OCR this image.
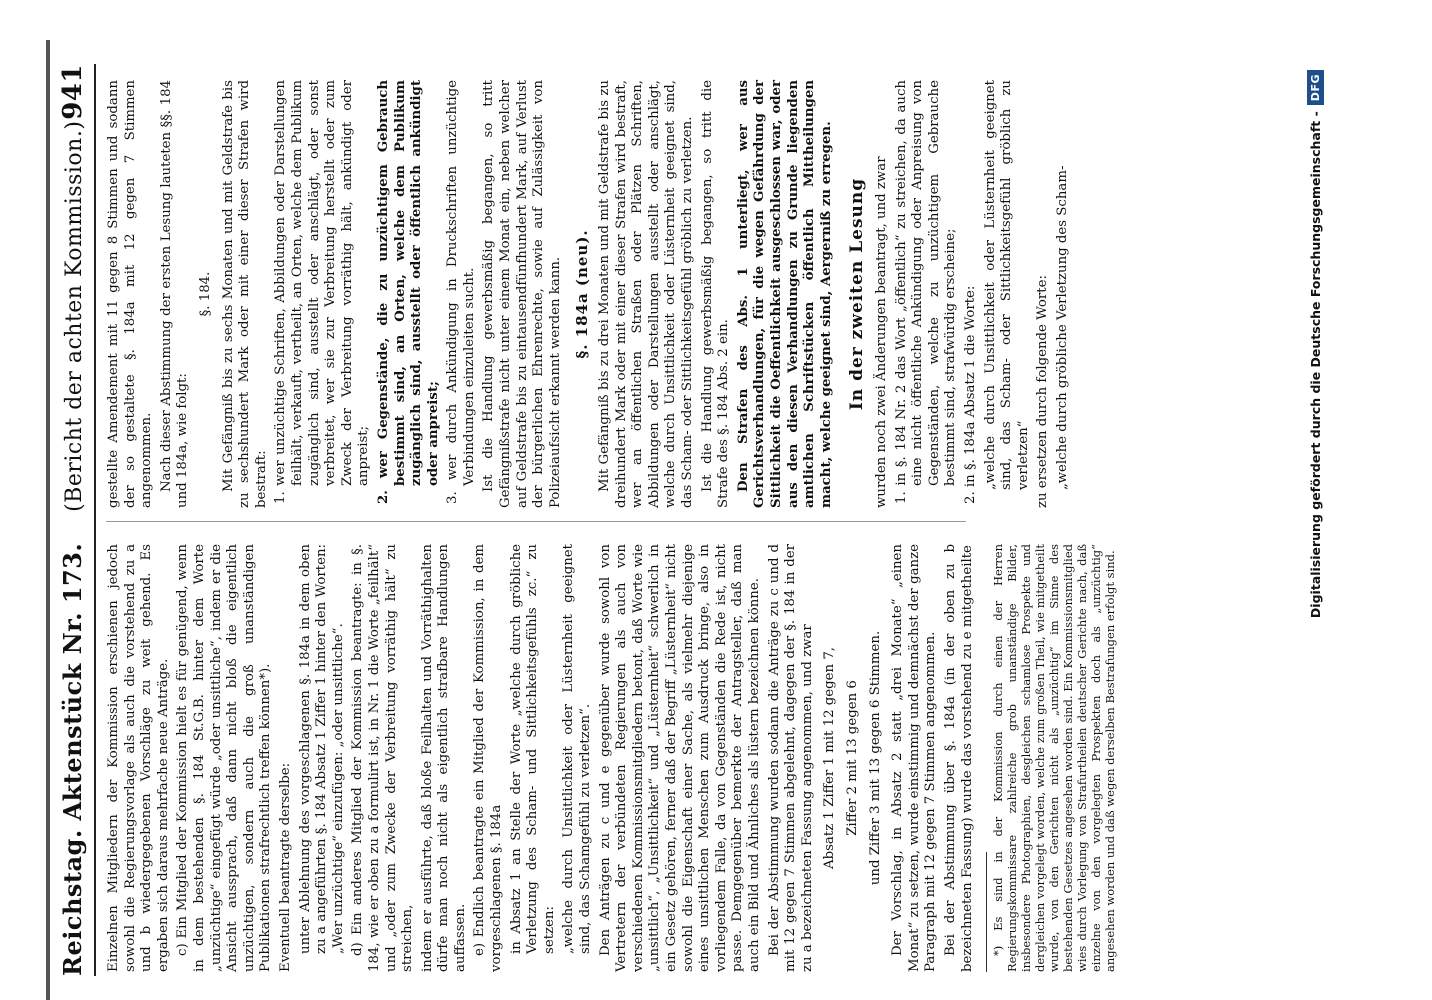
Reichstag. Aktenstück Nr. 173.
(Bericht der achten Kommission.)
941

Einzelnen Mitgliedern der Kommission erschienen jedoch sowohl die Regierungsvorlage als auch die vorstehend zu a und b wiedergegebenen Vorschläge zu weit gehend. Es ergaben sich daraus mehrfache neue Anträge. c) Ein Mitglied der Kommission hielt es für genügend, wenn in dem bestehenden §. 184 St.G.B. hinter dem Worte „unzüchtige“ eingefügt würde „oder unsittliche“, indem er die Ansicht aussprach, daß dann nicht bloß die eigentlich unzüchtigen, sondern auch die groß unanständigen Publikationen strafrechtlich treffen können*). Eventuell beantragte derselbe: unter Ablehnung des vorgeschlagenen §. 184a in dem oben zu a angeführten §. 184 Absatz 1 Ziffer 1 hinter den Worten: „Wer unzüchtige“ einzufügen: „oder unsittliche“. d) Ein anderes Mitglied der Kommission beantragte: in §. 184, wie er oben zu a formulirt ist, in Nr. 1 die Worte „feilhält“ und „oder zum Zwecke der Verbreitung vorräthig hält“ zu streichen, indem er ausführte, daß bloße Feilhalten und Vorräthighalten dürfe man noch nicht als eigentlich strafbare Handlungen auffassen. e) Endlich beantragte ein Mitglied der Kommission, in dem vorgeschlagenen §. 184a in Absatz 1 an Stelle der Worte „welche durch gröbliche Verletzung des Scham- und Sittlichkeitsgefühls zc.“ zu setzen: „welche durch Unsittlichkeit oder Lüsternheit geeignet sind, das Schamgefühl zu verletzen“. Den Anträgen zu c und e gegenüber wurde sowohl von Vertretern der verbündeten Regierungen als auch von verschiedenen Kommissionsmitgliedern betont, daß Worte wie „unsittlich“, „Unsittlichkeit“ und „Lüsternheit“ schwerlich in ein Gesetz gehören, ferner daß der Begriff „Lüsternheit“ nicht sowohl die Eigenschaft einer Sache, als vielmehr diejenige eines unsittlichen Menschen zum Ausdruck bringe, also in vorliegendem Falle, da von Gegenständen die Rede ist, nicht passe. Demgegenüber bemerkte der Antragsteller, daß man auch ein Bild und Ähnliches als lüstern bezeichnen könne. Bei der Abstimmung wurden sodann die Anträge zu c und d mit 12 gegen 7 Stimmen abgelehnt, dagegen der §. 184 in der zu a bezeichneten Fassung angenommen, und zwar Absatz 1 Ziffer 1 mit 12 gegen 7, Ziffer 2 mit 13 gegen 6 und Ziffer 3 mit 13 gegen 6 Stimmen. Der Vorschlag, in Absatz 2 statt „drei Monate“ „einen Monat“ zu setzen, wurde einstimmig und demnächst der ganze Paragraph mit 12 gegen 7 Stimmen angenommen. Bei der Abstimmung über §. 184a (in der oben zu b bezeichneten Fassung) wurde das vorstehend zu e mitgetheilte *) Es sind in der Kommission durch einen der Herren Regierungskommissare zahlreiche grob unanständige Bilder, insbesondere Photographien, desgleichen schamlose Prospekte und dergleichen vorgelegt worden, welche zum großen Theil, wie mitgetheilt wurde, von den Gerichten nicht als „unzüchtig“ im Sinne des bestehenden Gesetzes angesehen worden sind. Ein Kommissionsmitglied wies durch Vorlegung von Strafurtheilen deutscher Gerichte nach, daß einzelne von den vorgelegten Prospekten doch als „unzüchtig“ angesehen worden und daß wegen derselben Bestrafungen erfolgt sind.

gestellte Amendement mit 11 gegen 8 Stimmen und sodann der so gestaltete §. 184a mit 12 gegen 7 Stimmen angenommen. Nach dieser Abstimmung der ersten Lesung lauteten §§. 184 und 184a, wie folgt:

§. 184. Mit Gefängniß bis zu sechs Monaten und mit Geldstrafe bis zu sechshundert Mark oder mit einer dieser Strafen wird bestraft: 1. wer unzüchtige Schriften, Abbildungen oder Darstellungen feilhält, verkauft, vertheilt, an Orten, welche dem Publikum zugänglich sind, ausstellt oder anschlägt, oder sonst verbreitet, wer sie zur Verbreitung herstellt oder zum Zweck der Verbreitung vorräthig hält, ankündigt oder anpreist; 2. wer Gegenstände, die zu unzüchtigem Gebrauch bestimmt sind, an Orten, welche dem Publikum zugänglich sind, ausstellt oder öffentlich ankündigt oder anpreist; 3. wer durch Ankündigung in Druckschriften unzüchtige Verbindungen einzuleiten sucht. Ist die Handlung gewerbsmäßig begangen, so tritt Gefängnißstrafe nicht unter einem Monat ein, neben welcher auf Geldstrafe bis zu eintausendfünfhundert Mark, auf Verlust der bürgerlichen Ehrenrechte, sowie auf Zulässigkeit von Polizeiaufsicht erkannt werden kann. §. 184a (neu). Mit Gefängniß bis zu drei Monaten und mit Geldstrafe bis zu dreihundert Mark oder mit einer dieser Strafen wird bestraft, wer an öffentlichen Straßen oder Plätzen Schriften, Abbildungen oder Darstellungen ausstellt oder anschlägt, welche durch Unsittlichkeit oder Lüsternheit geeignet sind, das Scham- oder Sittlichkeitsgefühl gröblich zu verletzen. Ist die Handlung gewerbsmäßig begangen, so tritt die Strafe des §. 184 Abs. 2 ein. Den Strafen des Abs. 1 unterliegt, wer aus Gerichtsverhandlungen, für die wegen Gefährdung der Sittlichkeit die Oeffentlichkeit ausgeschlossen war, oder aus den diesen Verhandlungen zu Grunde liegenden amtlichen Schriftstücken öffentlich Mittheilungen macht, welche geeignet sind, Aergerniß zu erregen. In der zweiten Lesung wurden noch zwei Änderungen beantragt, und zwar 1. in §. 184 Nr. 2 das Wort „öffentlich“ zu streichen, da auch eine nicht öffentliche Ankündigung oder Anpreisung von Gegenständen, welche zu unzüchtigem Gebrauche bestimmt sind, strafwürdig erscheine; 2. in §. 184a Absatz 1 die Worte: „welche durch Unsittlichkeit oder Lüsternheit geeignet sind, das Scham- oder Sittlichkeitsgefühl gröblich zu verletzen“ zu ersetzen durch folgende Worte: „welche durch gröbliche Verletzung des Scham-	Digitalisierung gefördert durch die Deutsche Forschungsgemeinschaft -
DFG
